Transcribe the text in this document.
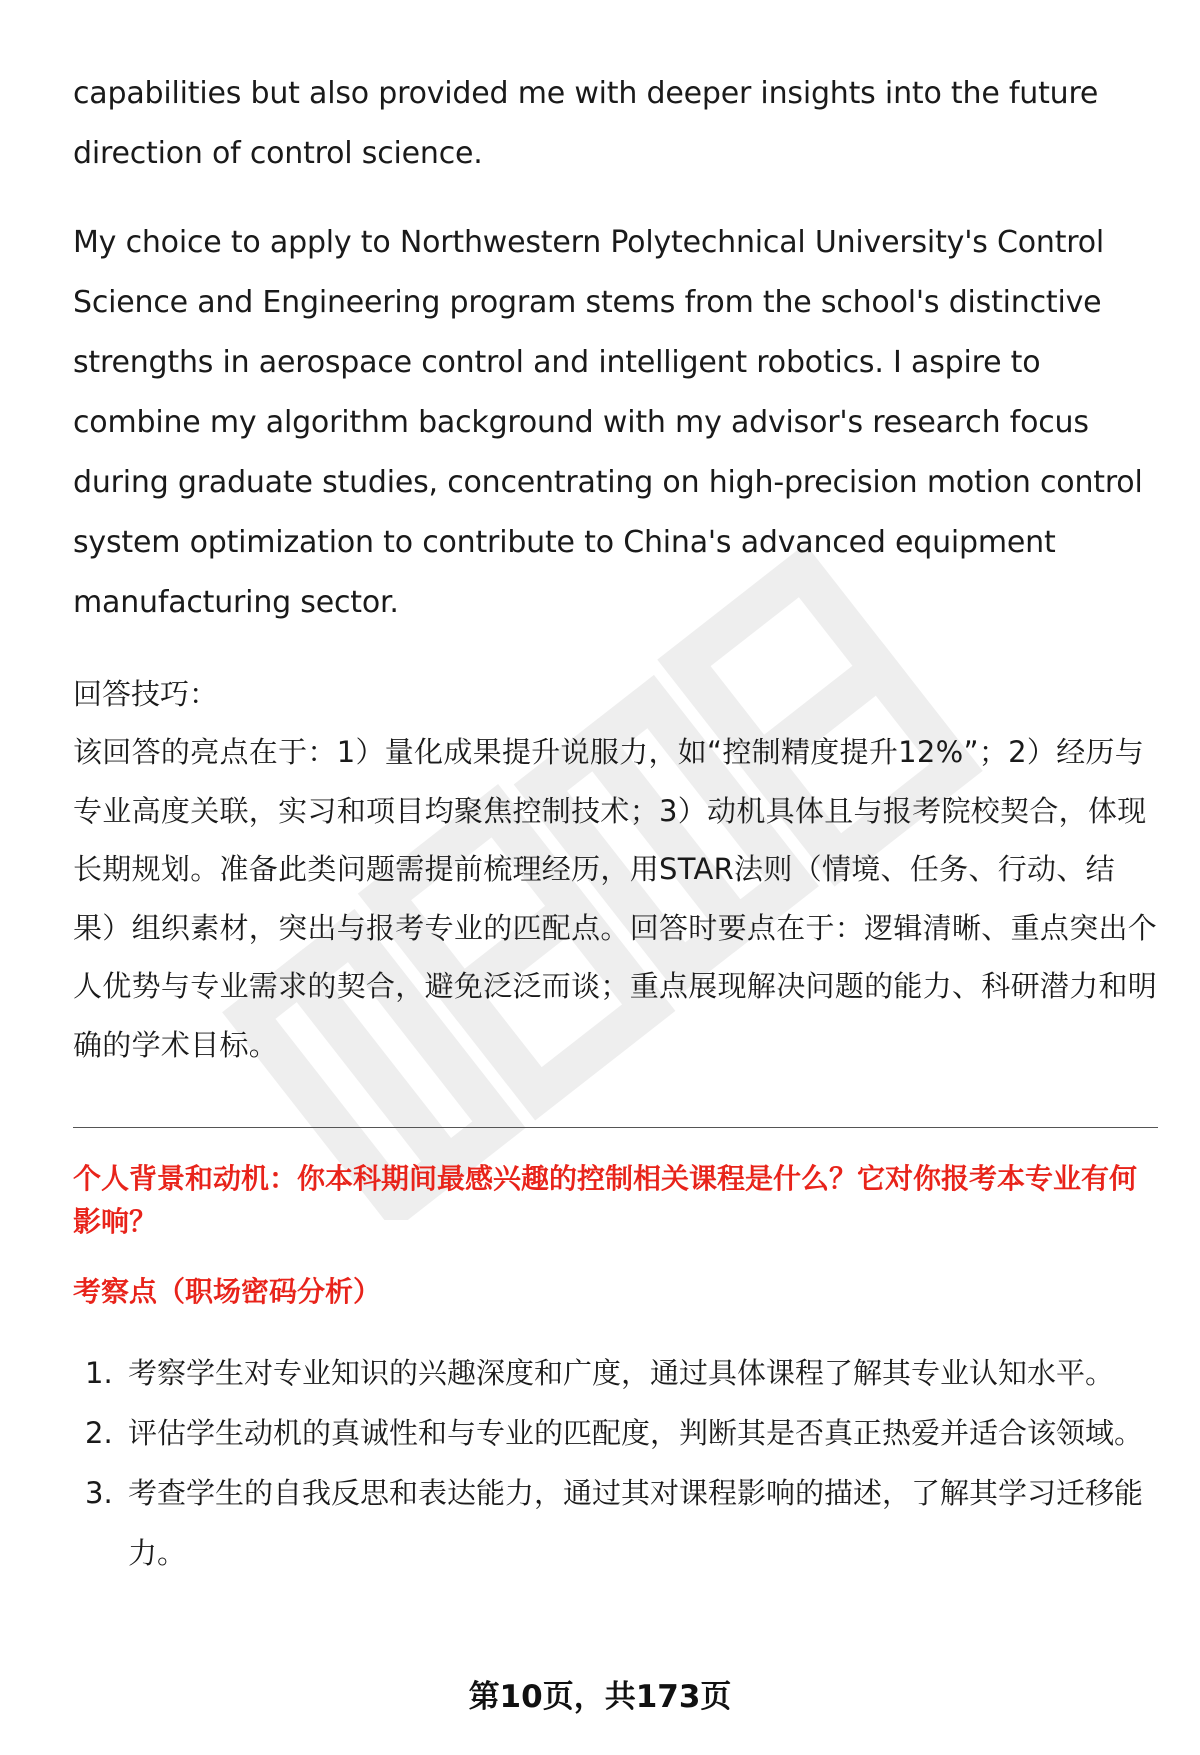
capabilities but also provided me with deeper insights into the future direction of control science.

My choice to apply to Northwestern Polytechnical University's Control Science and Engineering program stems from the school's distinctive strengths in aerospace control and intelligent robotics. I aspire to combine my algorithm background with my advisor's research focus during graduate studies, concentrating on high-precision motion control system optimization to contribute to China's advanced equipment manufacturing sector.

回答技巧：

该回答的亮点在于：1）量化成果提升说服力，如“控制精度提升12%”；2）经历与专业高度关联，实习和项目均聚焦控制技术；3）动机具体且与报考院校契合，体现长期规划。准备此类问题需提前梳理经历，用STAR法则（情境、任务、行动、结果）组织素材，突出与报考专业的匹配点。回答时要点在于：逻辑清晰、重点突出个人优势与专业需求的契合，避免泛泛而谈；重点展现解决问题的能力、科研潜力和明确的学术目标。

个人背景和动机：你本科期间最感兴趣的控制相关课程是什么？它对你报考本专业有何影响？

考察点（职场密码分析）

1. 考察学生对专业知识的兴趣深度和广度，通过具体课程了解其专业认知水平。
2. 评估学生动机的真诚性和与专业的匹配度，判断其是否真正热爱并适合该领域。
3. 考查学生的自我反思和表达能力，通过其对课程影响的描述，了解其学习迁移能力。
第10页，共173页
